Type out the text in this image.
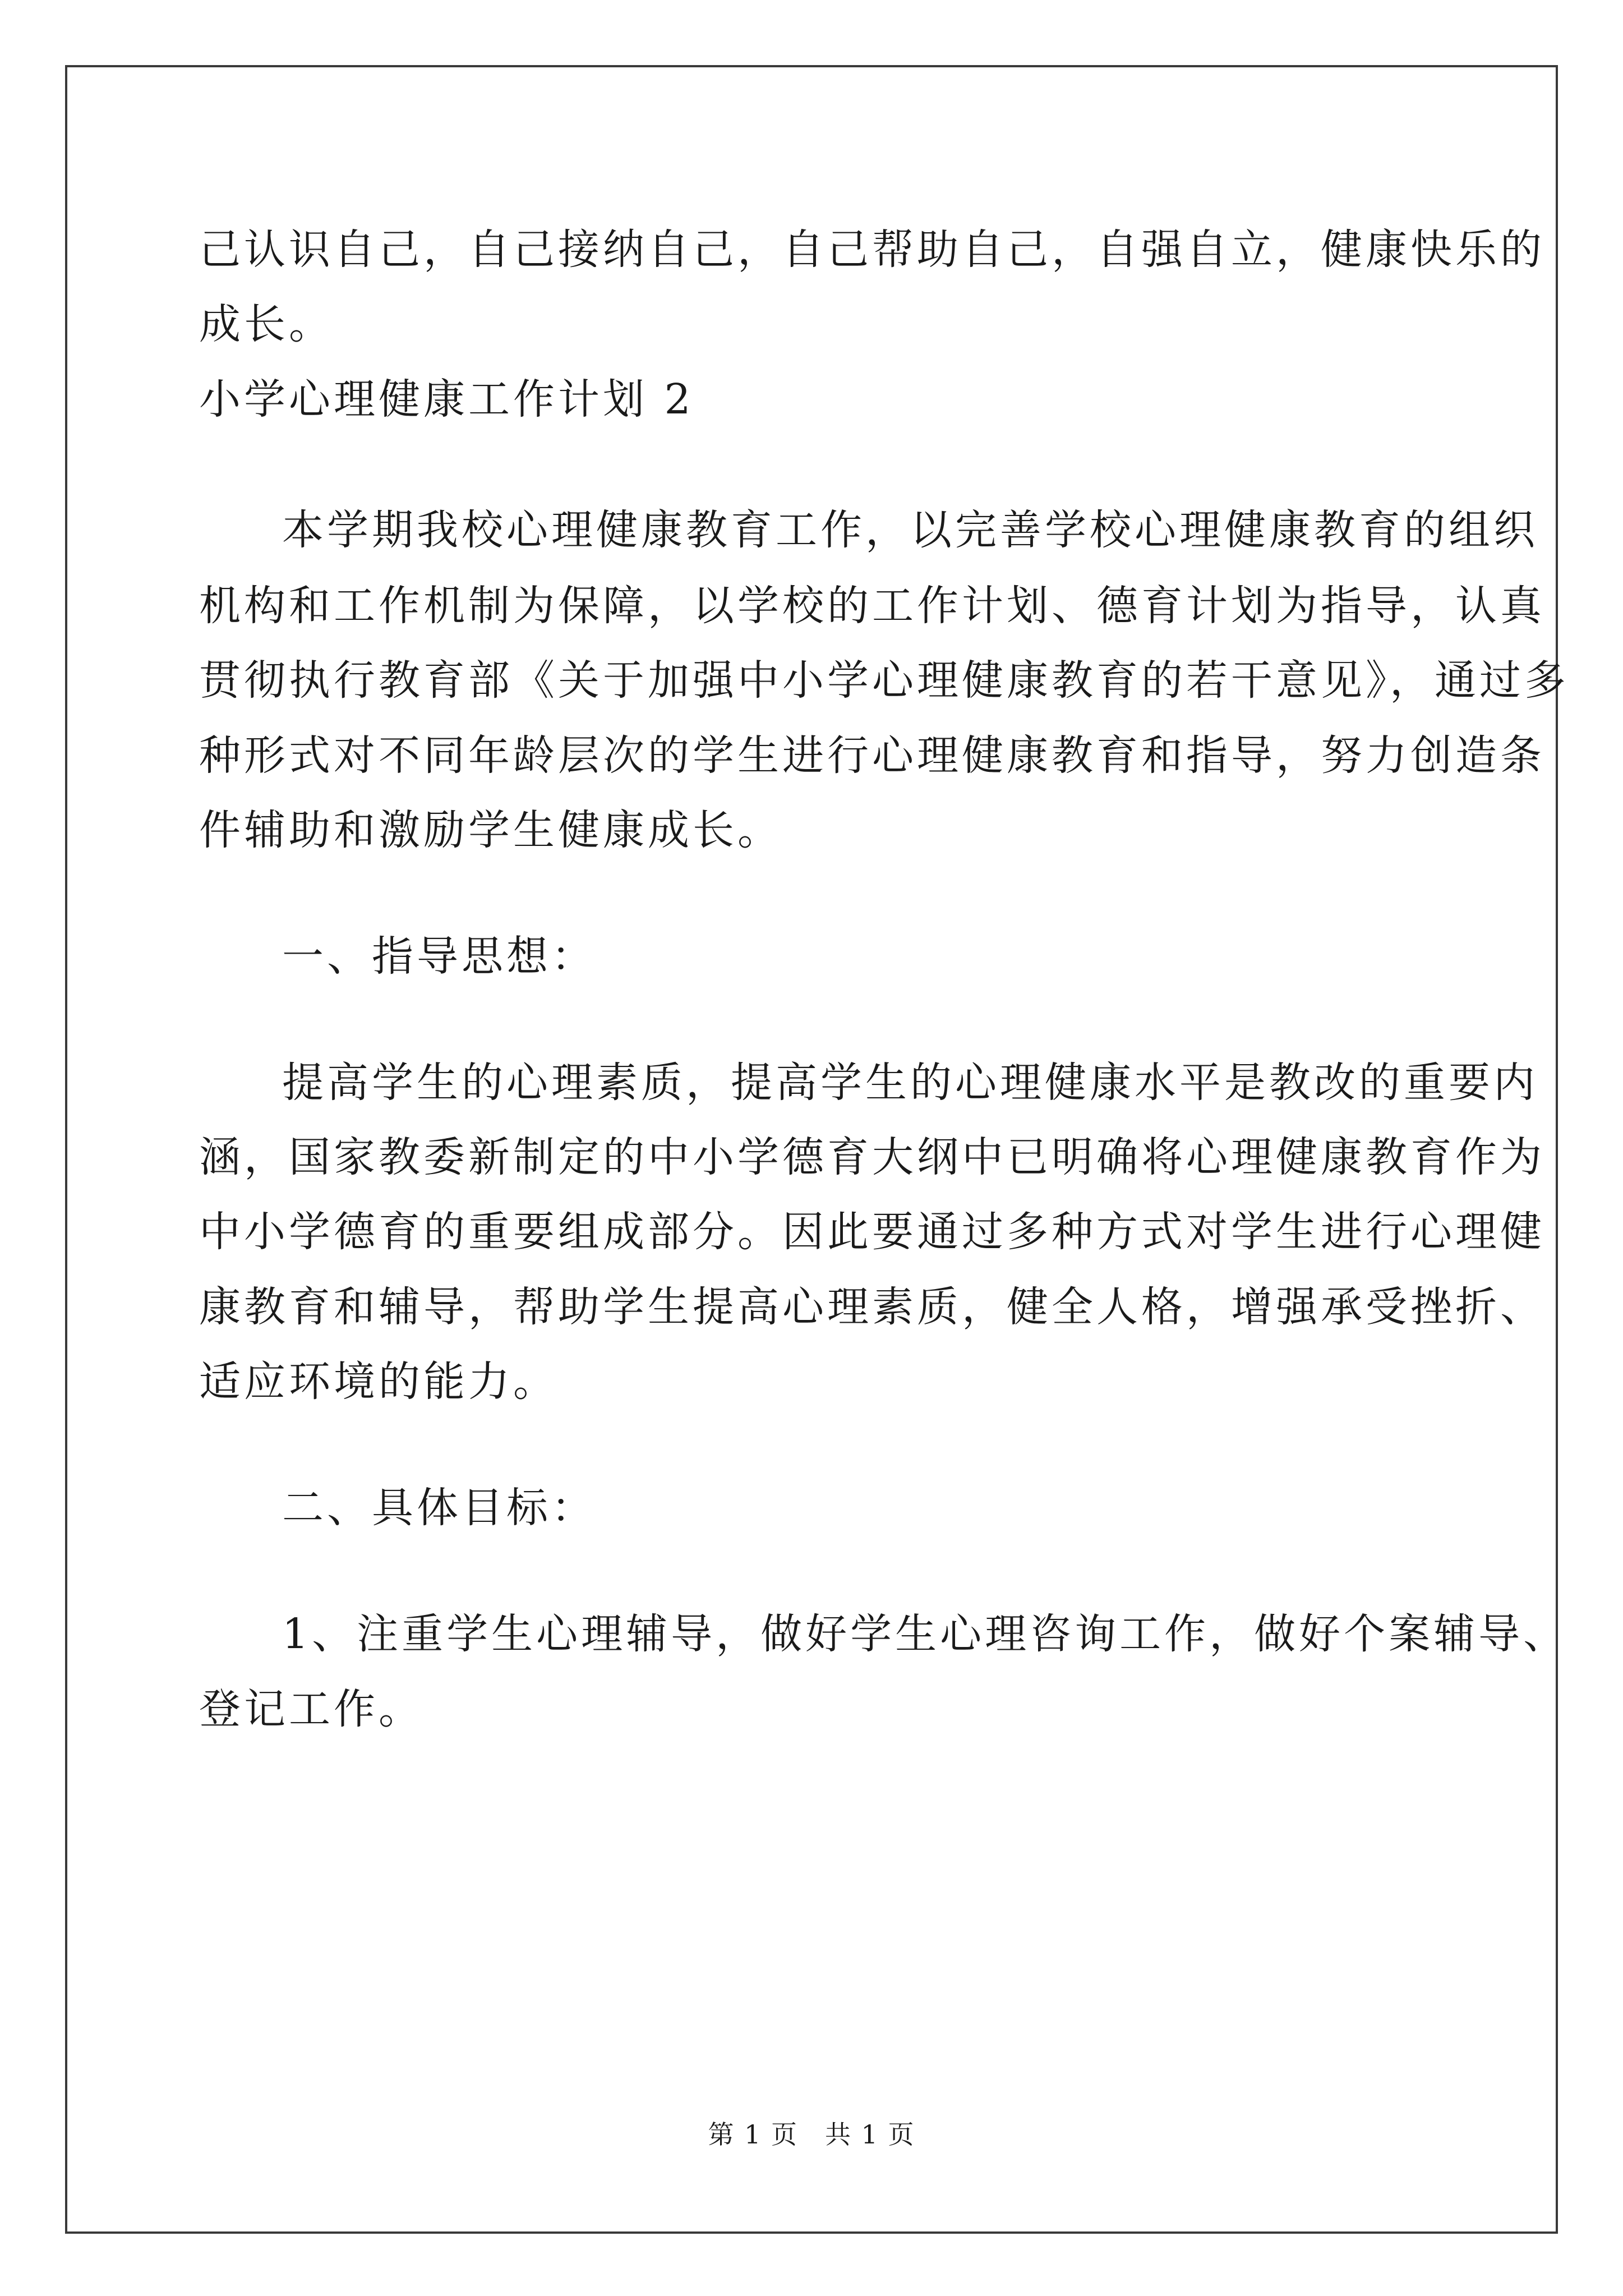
己认识自己，自己接纳自己，自己帮助自己，自强自立，健康快乐的
成长。
小学心理健康工作计划 2
本学期我校心理健康教育工作，以完善学校心理健康教育的组织
机构和工作机制为保障，以学校的工作计划、德育计划为指导，认真
贯彻执行教育部《关于加强中小学心理健康教育的若干意见》，通过多
种形式对不同年龄层次的学生进行心理健康教育和指导，努力创造条
件辅助和激励学生健康成长。
一、指导思想：
提高学生的心理素质，提高学生的心理健康水平是教改的重要内
涵，国家教委新制定的中小学德育大纲中已明确将心理健康教育作为
中小学德育的重要组成部分。因此要通过多种方式对学生进行心理健
康教育和辅导，帮助学生提高心理素质，健全人格，增强承受挫折、
适应环境的能力。
二、具体目标：
1、注重学生心理辅导，做好学生心理咨询工作，做好个案辅导、
登记工作。
第 1 页　共 1 页
